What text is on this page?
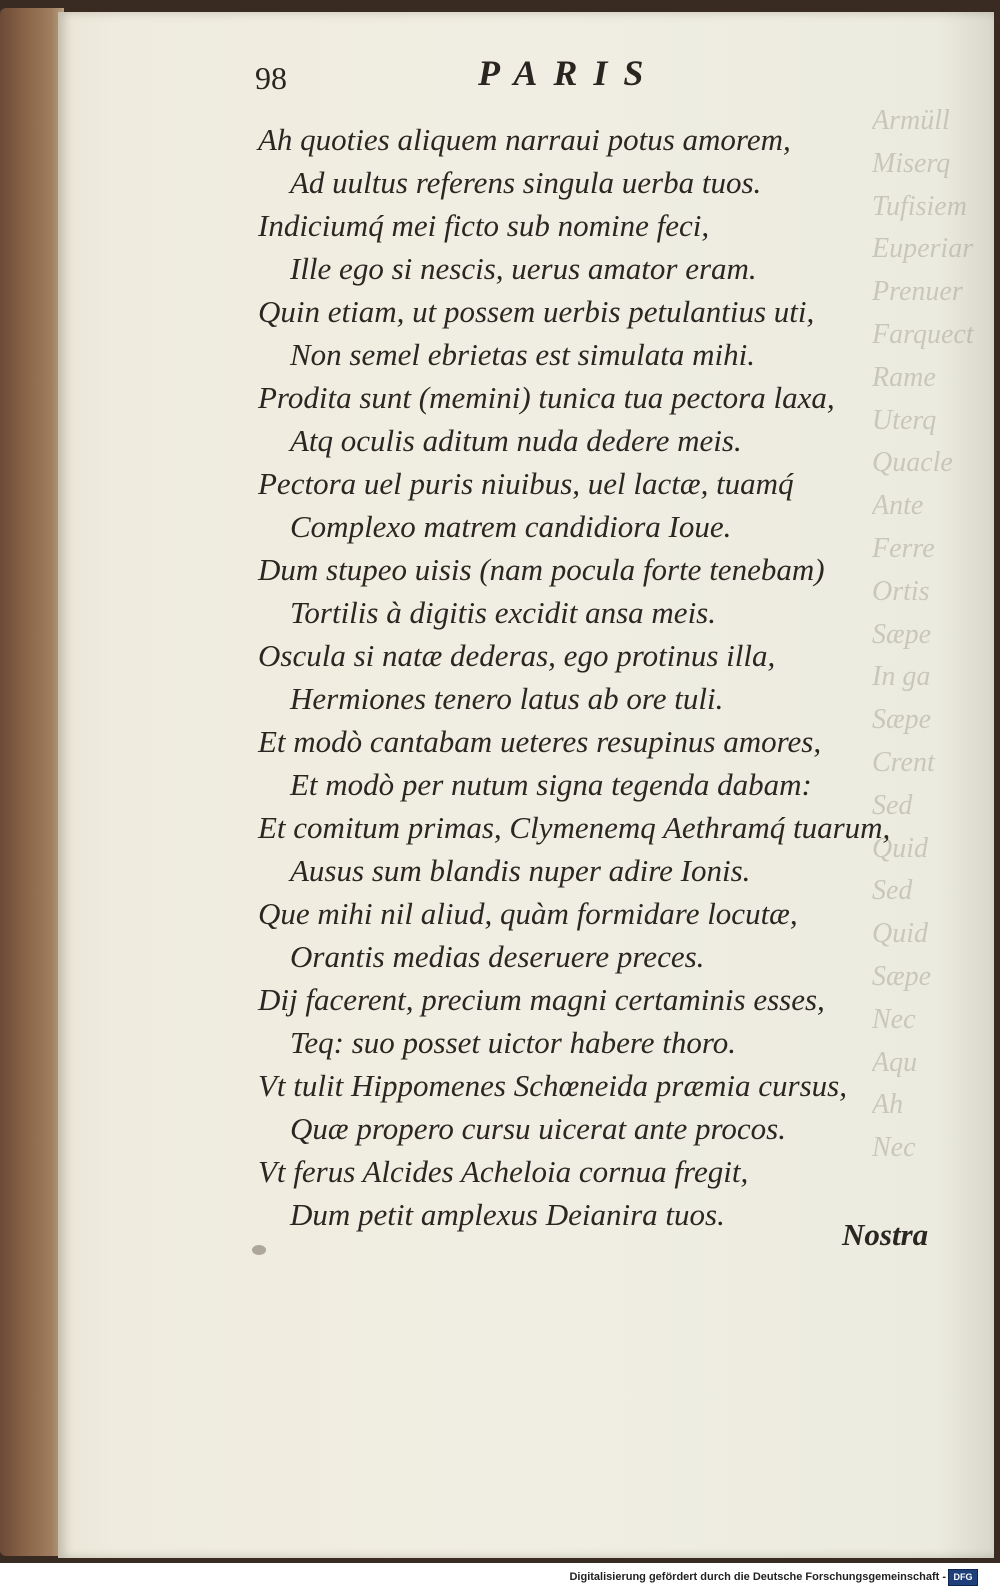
Armüll
Miserq
Tufisiem
Euperiar
Prenuer
Farquect
Rame
Uterq
Quacle
Ante
Ferre
Ortis
Sæpe
In ga
Sæpe
Crent
Sed
Quid
Sed
Quid
Sæpe
Nec
Aqu
Ah
Nec
98	PARIS
Ah quoties aliquem narraui potus amorem,
Ad uultus referens singula uerba tuos.
Indiciumq́ mei ficto sub nomine feci,
Ille ego si nescis, uerus amator eram.
Quin etiam, ut possem uerbis petulantius uti,
Non semel ebrietas est simulata mihi.
Prodita sunt (memini) tunica tua pectora laxa,
Atq oculis aditum nuda dedere meis.
Pectora uel puris niuibus, uel lactæ, tuamq́
Complexo matrem candidiora Ioue.
Dum stupeo uisis (nam pocula forte tenebam)
Tortilis à digitis excidit ansa meis.
Oscula si natæ dederas, ego protinus illa,
Hermiones tenero latus ab ore tuli.
Et modò cantabam ueteres resupinus amores,
Et modò per nutum signa tegenda dabam:
Et comitum primas, Clymenemq Aethramq́ tuarum,
Ausus sum blandis nuper adire Ionis.
Que mihi nil aliud, quàm formidare locutæ,
Orantis medias deseruere preces.
Dij facerent, precium magni certaminis esses,
Teq: suo posset uictor habere thoro.
Vt tulit Hippomenes Schœneida præmia cursus,
Quæ propero cursu uicerat ante procos.
Vt ferus Alcides Acheloia cornua fregit,
Dum petit amplexus Deianira tuos.
Nostra
Digitalisierung gefördert durch die Deutsche Forschungsgemeinschaft - DFG
